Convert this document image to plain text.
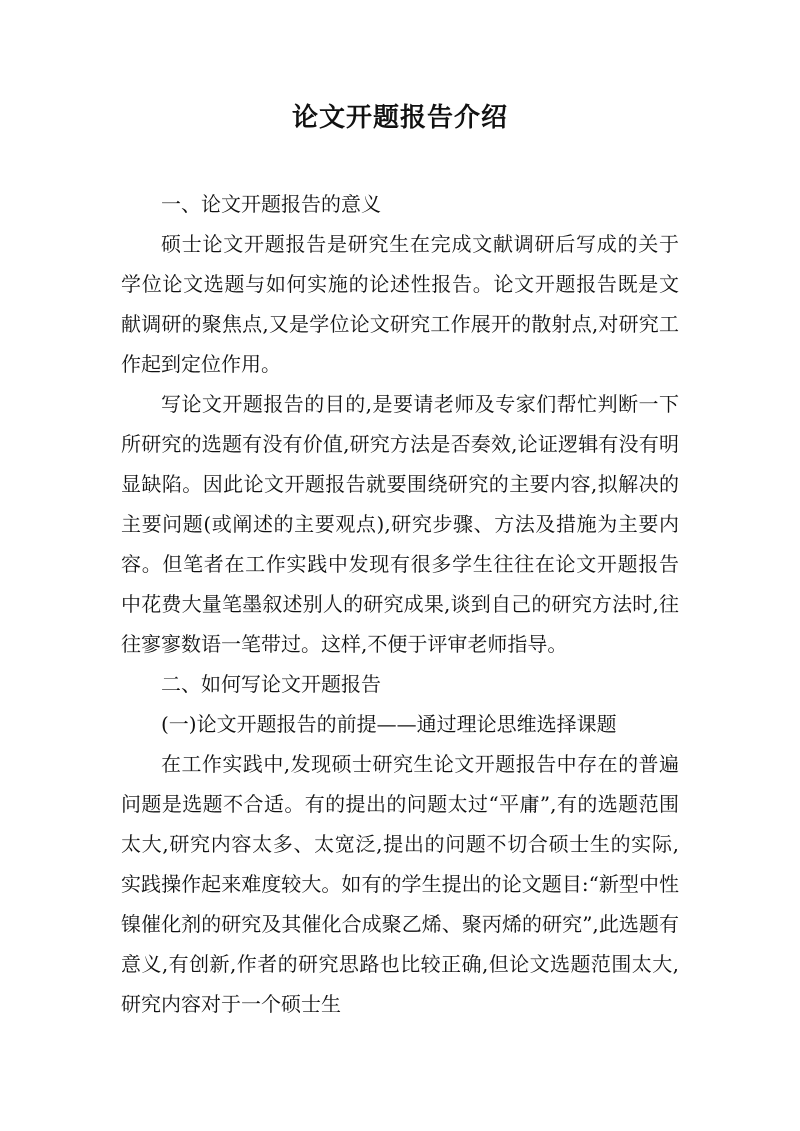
论文开题报告介绍

一、论文开题报告的意义

硕士论文开题报告是研究生在完成文献调研后写成的关于学位论文选题与如何实施的论述性报告。论文开题报告既是文献调研的聚焦点,又是学位论文研究工作展开的散射点,对研究工作起到定位作用。

写论文开题报告的目的,是要请老师及专家们帮忙判断一下所研究的选题有没有价值,研究方法是否奏效,论证逻辑有没有明显缺陷。因此论文开题报告就要围绕研究的主要内容,拟解决的主要问题(或阐述的主要观点),研究步骤、方法及措施为主要内容。但笔者在工作实践中发现有很多学生往往在论文开题报告中花费大量笔墨叙述别人的研究成果,谈到自己的研究方法时,往往寥寥数语一笔带过。这样,不便于评审老师指导。

二、如何写论文开题报告

(一)论文开题报告的前提——通过理论思维选择课题

在工作实践中,发现硕士研究生论文开题报告中存在的普遍问题是选题不合适。有的提出的问题太过“平庸”,有的选题范围太大,研究内容太多、太宽泛,提出的问题不切合硕士生的实际,实践操作起来难度较大。如有的学生提出的论文题目:“新型中性镍催化剂的研究及其催化合成聚乙烯、聚丙烯的研究”,此选题有意义,有创新,作者的研究思路也比较正确,但论文选题范围太大,研究内容对于一个硕士生
